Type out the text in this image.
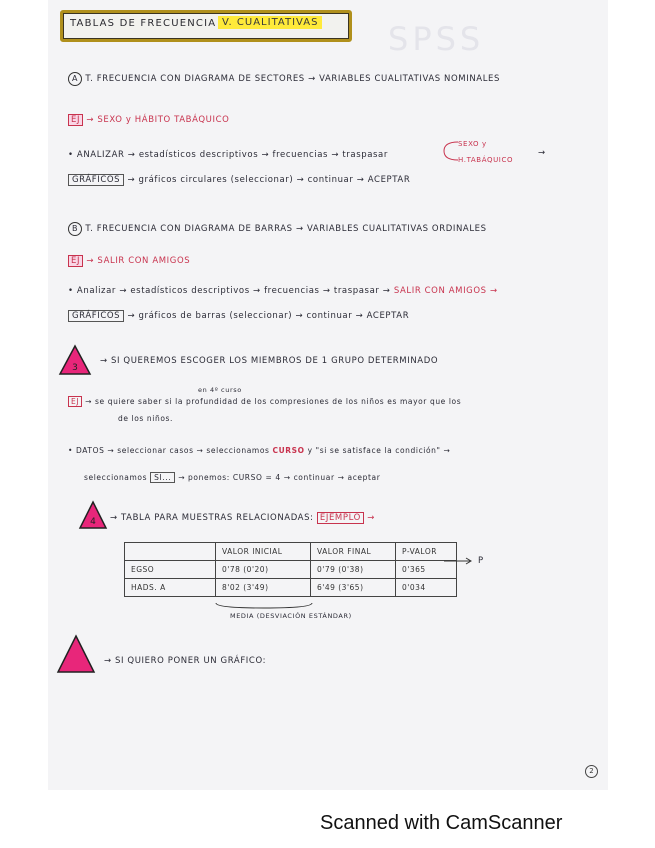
SPSS
TABLAS DE FRECUENCIA V. CUALITATIVAS
A T. FRECUENCIA CON DIAGRAMA DE SECTORES → VARIABLES CUALITATIVAS NOMINALES
EJ → SEXO y HÁBITO TABÁQUICO
• ANALIZAR → estadísticos descriptivos → frecuencias → traspasar
SEXO y
H.TABÁQUICO
→
GRÁFICOS → gráficos circulares (seleccionar) → continuar → ACEPTAR
B T. FRECUENCIA CON DIAGRAMA DE BARRAS → VARIABLES CUALITATIVAS ORDINALES
EJ → SALIR CON AMIGOS
• Analizar → estadísticos descriptivos → frecuencias → traspasar → SALIR CON AMIGOS →
GRÁFICOS → gráficos de barras (seleccionar) → continuar → ACEPTAR
3
→ SI QUEREMOS ESCOGER LOS MIEMBROS DE 1 GRUPO DETERMINADO
en 4º curso
EJ → se quiere saber si la profundidad de los compresiones de los niños es mayor que los
de los niños.
• DATOS → seleccionar casos → seleccionamos CURSO y "si se satisface la condición" →
seleccionamos SI... → ponemos: CURSO = 4 → continuar → aceptar
4 → TABLA PARA MUESTRAS RELACIONADAS: EJEMPLO →
	VALOR INICIAL	VALOR FINAL	P-VALOR
EGSO	0'78 (0'20)	0'79 (0'38)	0'365
HADS. A	8'02 (3'49)	6'49 (3'65)	0'034
P
MEDIA (DESVIACIÓN ESTÁNDAR)
→ SI QUIERO PONER UN GRÁFICO:
2
Scanned with CamScanner
